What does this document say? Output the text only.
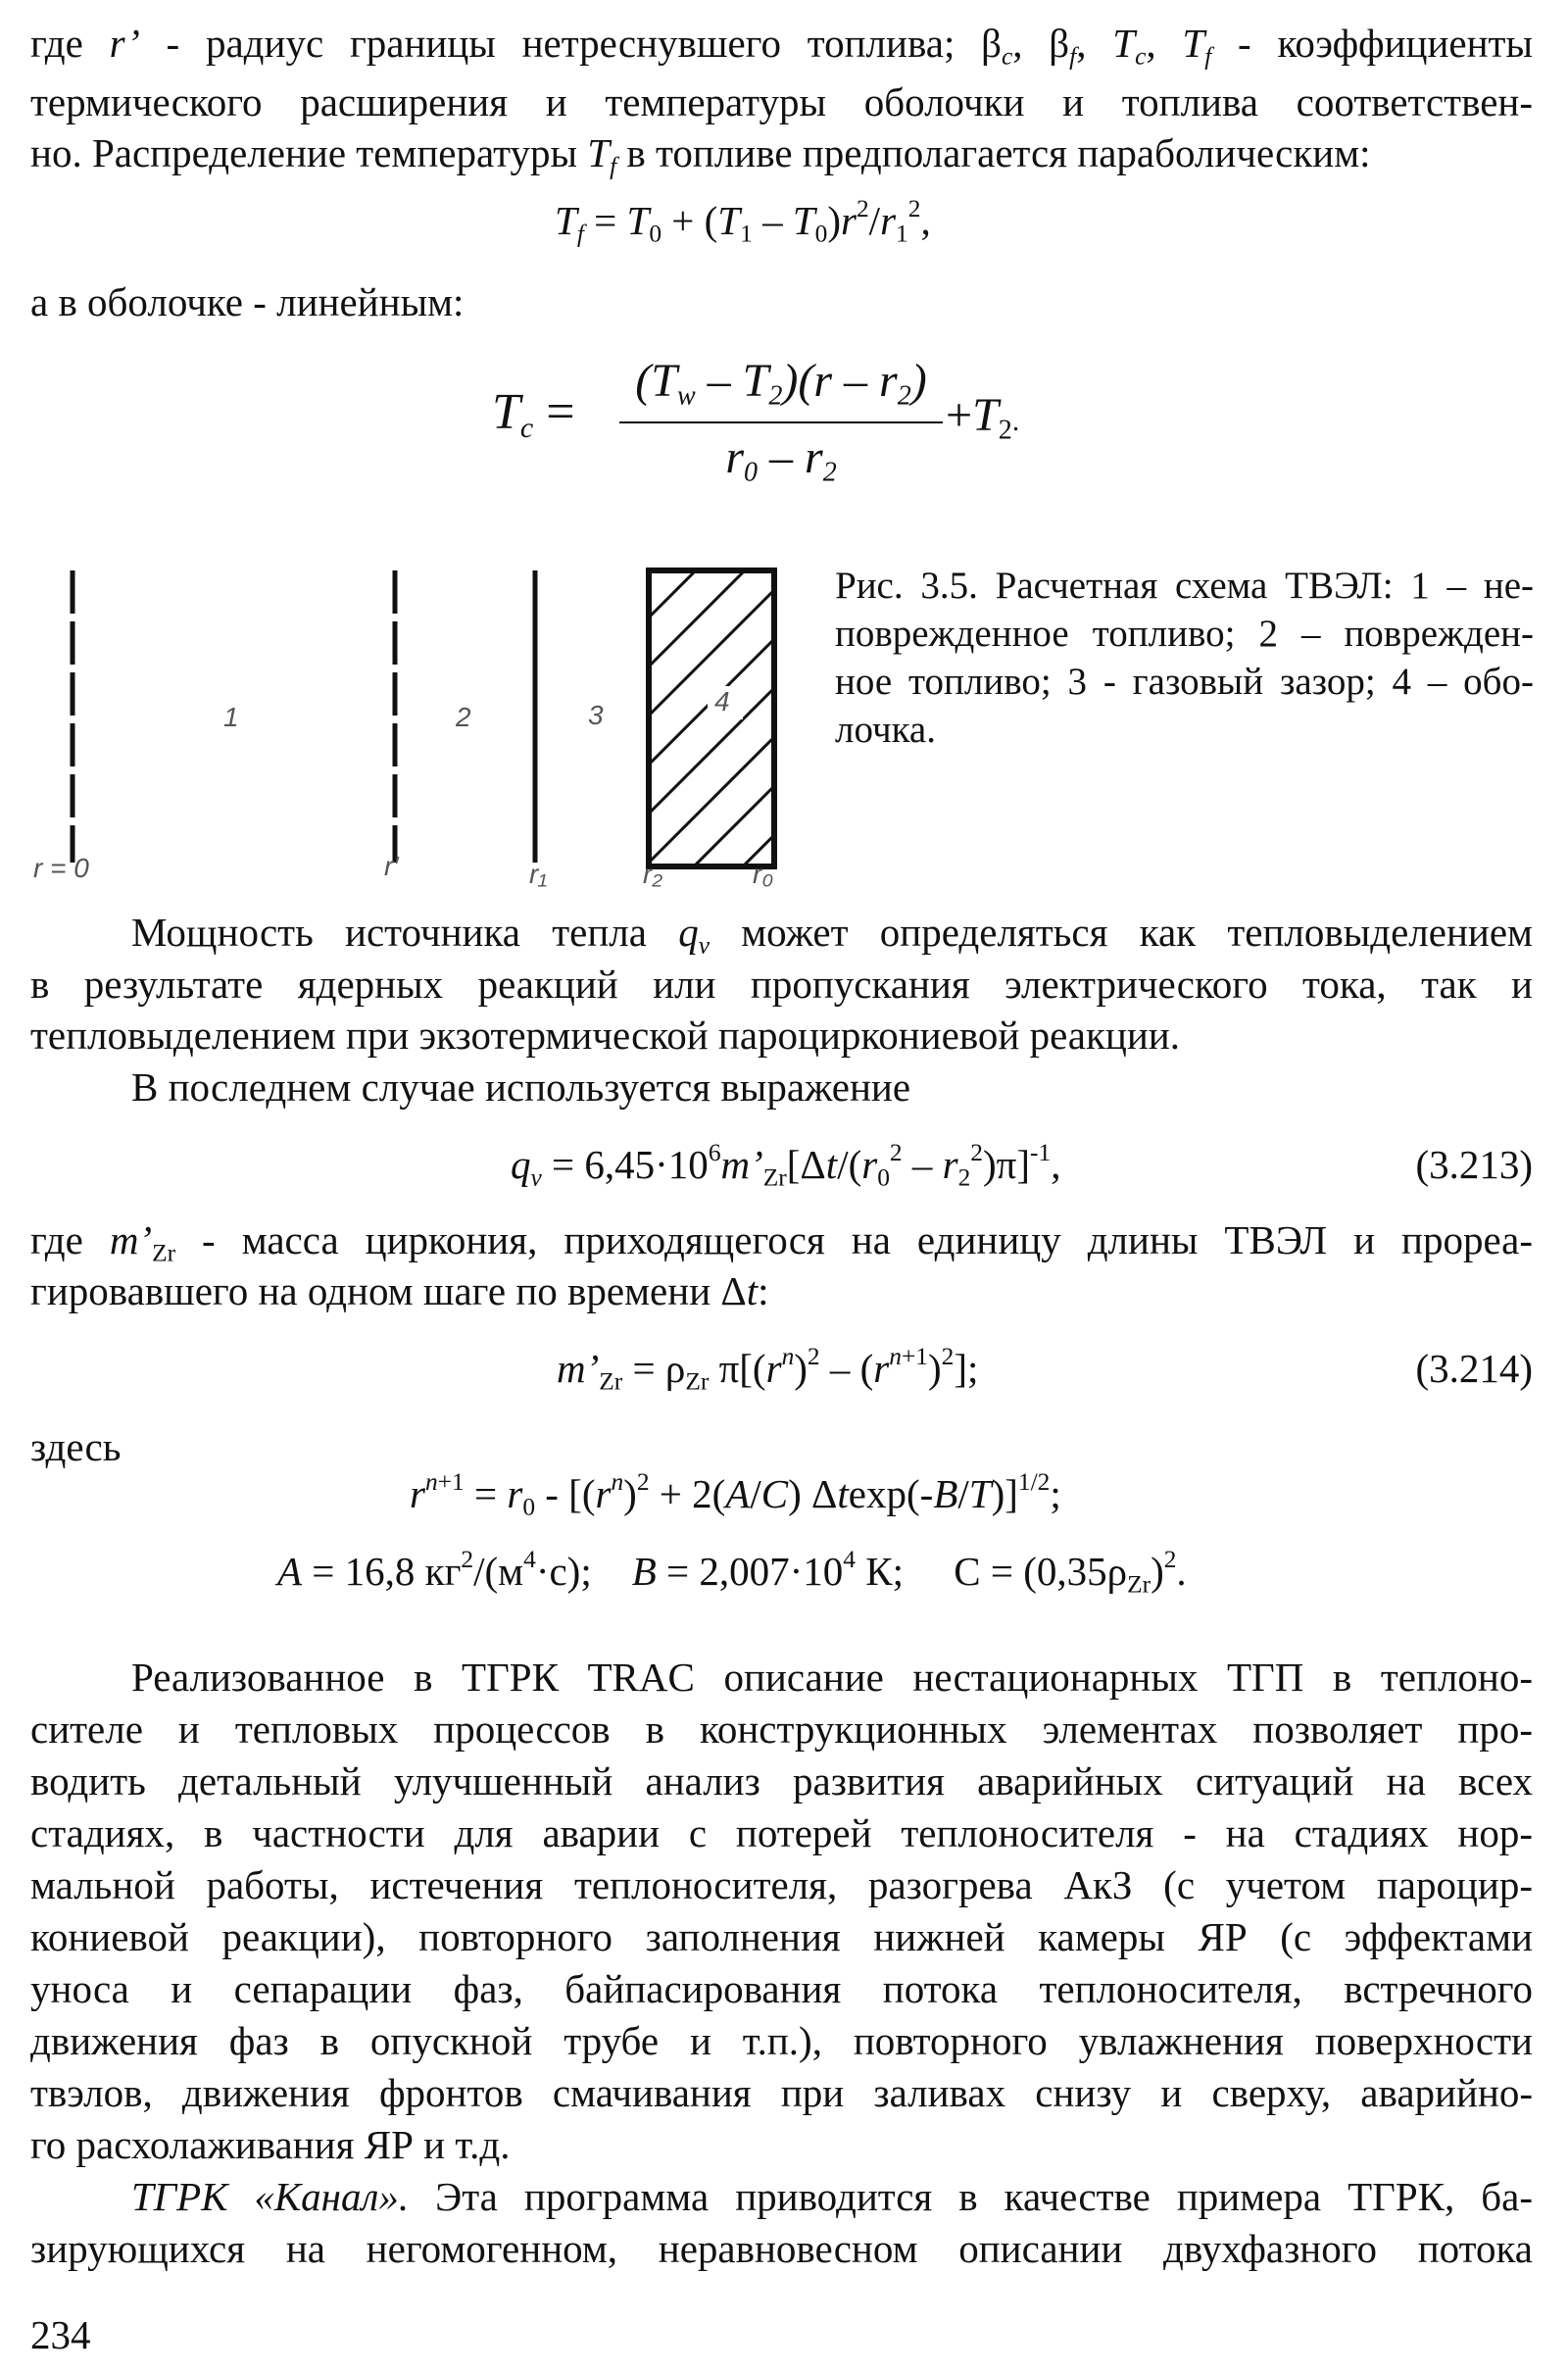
где r’ - радиус границы нетреснувшего топлива; $\beta_c$, $\beta_f$, $T_c$, $T_f$ - коэффициенты
термического расширения и температуры оболочки и топлива соответствен-
но. Распределение температуры $T_f$ в топливе предполагается параболическим:
$T_f = T_0 + (T_1 - T_0)r^2/r_1^2$,
а в оболочке - линейным:
$T_c$ =
$(T_w - T_2)(r - r_2)$
$r_0 - r_2$
$+T_2$.
1	2	3	4
r = 0	r′	r₁	r₂	r₀
Рис. 3.5. Расчетная схема ТВЭЛ: 1 – не-
поврежденное топливо; 2 – поврежден-
ное топливо; 3 - газовый зазор; 4 – обо-
лочка.
Мощность источника тепла $q_v$ может определяться как тепловыделением
в результате ядерных реакций или пропускания электрического тока, так и
тепловыделением при экзотермической пароциркониевой реакции.
В последнем случае используется выражение
$q_v$ = $6,45\cdot 10^6m’_{Zr}[\Delta t/(r_0^2 - r_2^2)\pi]^{-1}$,	(3.213)
где $m’_{Zr}$ - масса циркония, приходящегося на единицу длины ТВЭЛ и прореа-
гировавшего на одном шаге по времени Δt:
$m’_{Zr} = \rho_{Zr}$ $\pi[(r^n)^2 - (r^{n+1})^2]$;	(3.214)
здесь
$r^{n+1} = r_0 - [(r^n)^2 + 2(A/C)$ Δtexp(-B/T)]$^{1/2}$;
A = 16,8 $кг^2/(м^4\cdot с)$;    $B = 2,007\cdot 10^4$ К;     $С = (0,35\rho_{Zr})^2$.
Реализованное в ТГРК TRAC описание нестационарных ТГП в теплоно-
сителе и тепловых процессов в конструкционных элементах позволяет про-
водить детальный улучшенный анализ развития аварийных ситуаций на всех
стадиях, в частности для аварии с потерей теплоносителя - на стадиях нор-
мальной работы, истечения теплоносителя, разогрева АкЗ (с учетом пароцир-
кониевой реакции), повторного заполнения нижней камеры ЯР (с эффектами
уноса и сепарации фаз, байпасирования потока теплоносителя, встречного
движения фаз в опускной трубе и т.п.), повторного увлажнения поверхности
твэлов, движения фронтов смачивания при заливах снизу и сверху, аварийно-
го расхолаживания ЯР и т.д.
ТГРК «Канал». Эта программа приводится в качестве примера ТГРК, ба-
зирующихся на негомогенном, неравновесном описании двухфазного потока
234
